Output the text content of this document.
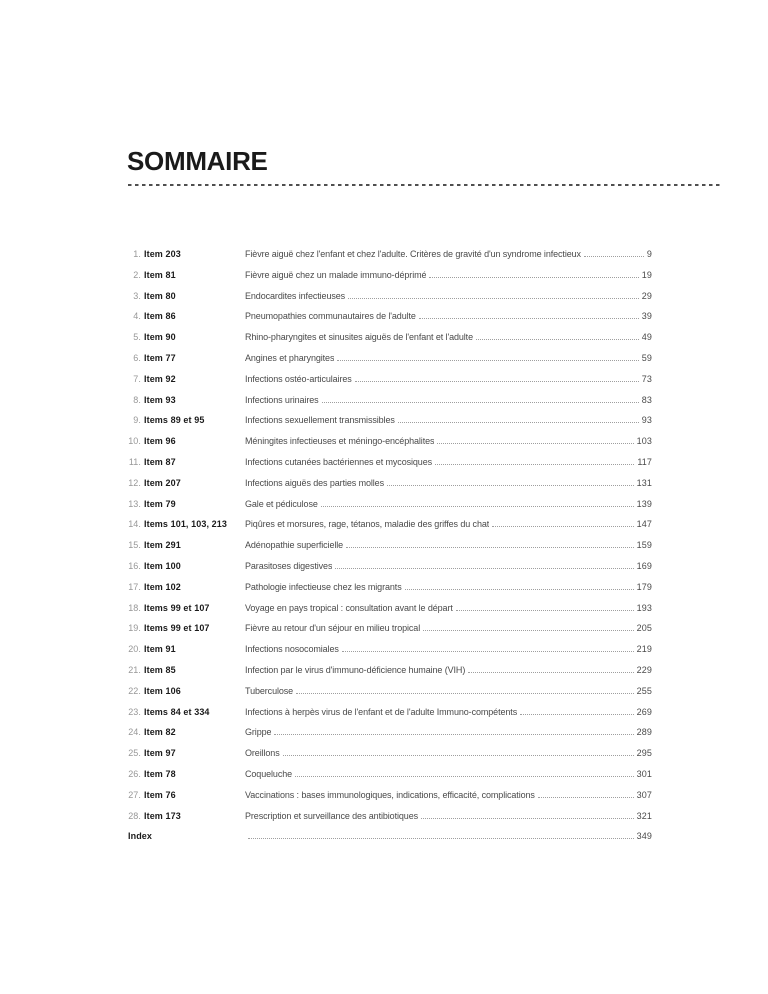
SOMMAIRE
1. Item 203	Fièvre aiguë chez l'enfant et chez l'adulte. Critères de gravité d'un syndrome infectieux	9
2. Item 81	Fièvre aiguë chez un malade immuno-déprimé	19
3. Item 80	Endocardites infectieuses	29
4. Item 86	Pneumopathies communautaires de l'adulte	39
5. Item 90	Rhino-pharyngites et sinusites aiguës de l'enfant et l'adulte	49
6. Item 77	Angines et pharyngites	59
7. Item 92	Infections ostéo-articulaires	73
8. Item 93	Infections urinaires	83
9. Items 89 et 95	Infections sexuellement transmissibles	93
10. Item 96	Méningites infectieuses et méningo-encéphalites	103
11. Item 87	Infections cutanées bactériennes et mycosiques	117
12. Item 207	Infections aiguës des parties molles	131
13. Item 79	Gale et pédiculose	139
14. Items 101, 103, 213	Piqûres et morsures, rage, tétanos, maladie des griffes du chat	147
15. Item 291	Adénopathie superficielle	159
16. Item 100	Parasitoses digestives	169
17. Item 102	Pathologie infectieuse chez les migrants	179
18. Items 99 et 107	Voyage en pays tropical : consultation avant le départ	193
19. Items 99 et 107	Fièvre au retour d'un séjour en milieu tropical	205
20. Item 91	Infections nosocomiales	219
21. Item 85	Infection par le virus d'immuno-déficience humaine (VIH)	229
22. Item 106	Tuberculose	255
23. Items 84 et 334	Infections à herpès virus de l'enfant et de l'adulte Immuno-compétents	269
24. Item 82	Grippe	289
25. Item 97	Oreillons	295
26. Item 78	Coqueluche	301
27. Item 76	Vaccinations : bases immunologiques, indications, efficacité, complications	307
28. Item 173	Prescription et surveillance des antibiotiques	321
Index	349
